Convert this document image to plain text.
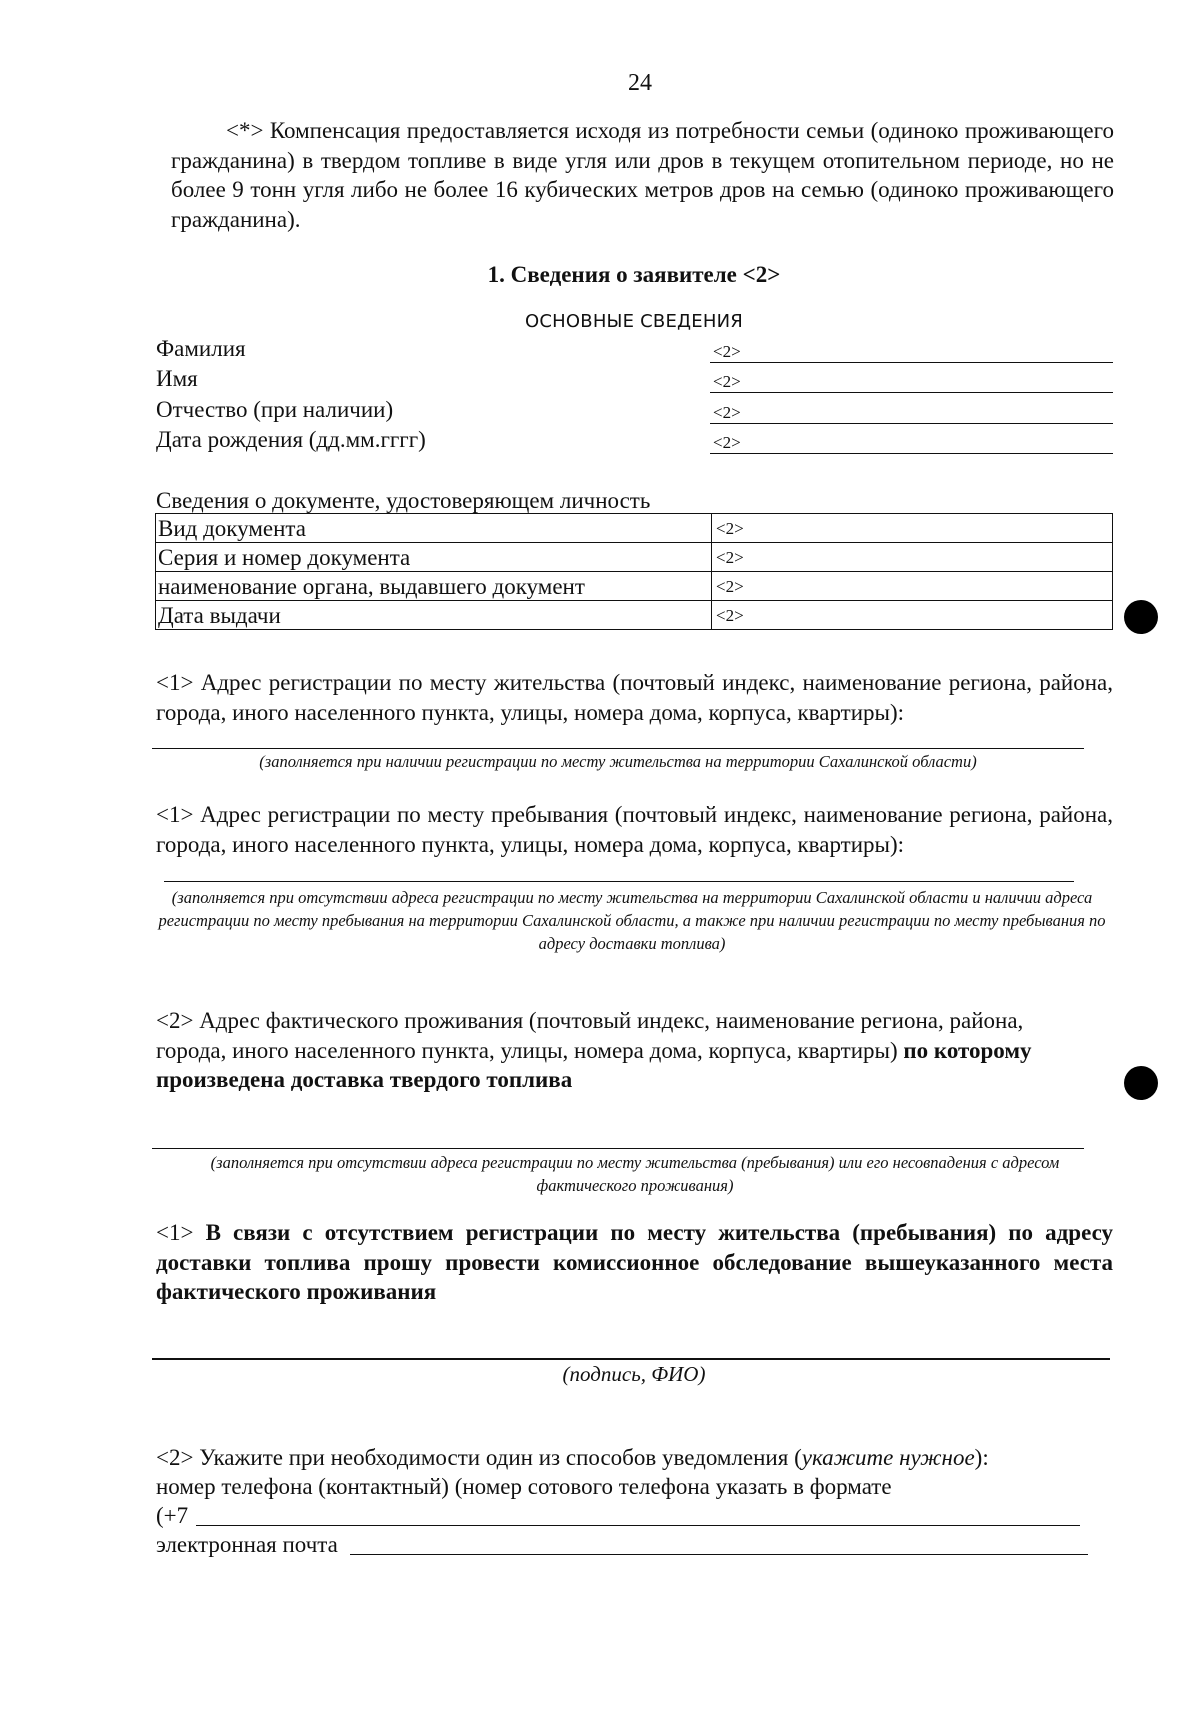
24
<*> Компенсация предоставляется исходя из потребности семьи (одиноко проживающего гражданина) в твердом топливе в виде угля или дров в текущем отопительном периоде, но не более 9 тонн угля либо не более 16 кубических метров дров на семью (одиноко проживающего гражданина).
1. Сведения о заявителе <2>
ОСНОВНЫЕ СВЕДЕНИЯ
Фамилия	<2>
Имя	<2>
Отчество (при наличии)	<2>
Дата рождения (дд.мм.гггг)	<2>
Сведения о документе, удостоверяющем личность
Вид документа	<2>
Серия и номер документа	<2>
наименование органа, выдавшего документ	<2>
Дата выдачи	<2>
<1> Адрес регистрации по месту жительства (почтовый индекс, наименование региона, района, города, иного населенного пункта, улицы, номера дома, корпуса, квартиры):
(заполняется при наличии регистрации по месту жительства на территории Сахалинской области)
<1> Адрес регистрации по месту пребывания (почтовый индекс, наименование региона, района, города, иного населенного пункта, улицы, номера дома, корпуса, квартиры):
(заполняется при отсутствии адреса регистрации по месту жительства на территории Сахалинской области и наличии адреса регистрации по месту пребывания на территории Сахалинской области, а также при наличии регистрации по месту пребывания по адресу доставки топлива)
<2> Адрес фактического проживания (почтовый индекс, наименование региона, района, города, иного населенного пункта, улицы, номера дома, корпуса, квартиры) по которому произведена доставка твердого топлива
(заполняется при отсутствии адреса регистрации по месту жительства (пребывания) или его несовпадения с адресом фактического проживания)
<1> В связи с отсутствием регистрации по месту жительства (пребывания) по адресу доставки топлива прошу провести комиссионное обследование вышеуказанного места фактического проживания
(подпись, ФИО)
<2> Укажите при необходимости один из способов уведомления (укажите нужное):
номер телефона (контактный) (номер сотового телефона указать в формате
(+7
электронная почта
